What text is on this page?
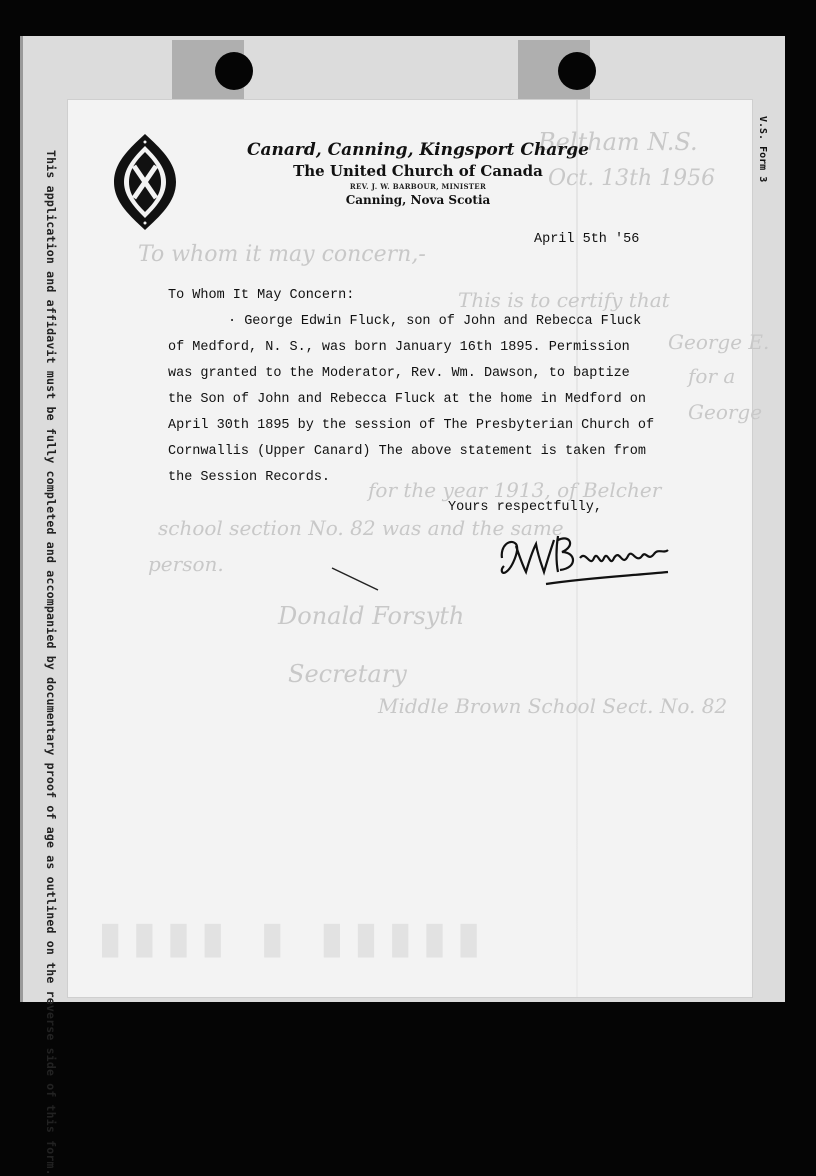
This application and affidavit must be fully completed and accompanied by documentary proof of age as outlined on the reverse side of this form.
V.S. Form 3
Beltham N.S.
Oct. 13th 1956
To whom it may concern,-
This is to certify that
George E.
for a
George
for the year 1913, of Belcher
school section No. 82 was and the same
person.
Donald Forsyth
Secretary
Middle Brown School Sect. No. 82
▮▮▮▮ ▮ ▮▮▮▮▮
Canard, Canning, Kingsport Charge
The United Church of Canada
REV. J. W. BARBOUR, MINISTER
Canning, Nova Scotia
April 5th '56
To Whom It May Concern:
· George Edwin Fluck, son of John and Rebecca Fluck
of Medford, N. S., was born January 16th 1895. Permission
was granted to the Moderator, Rev. Wm. Dawson, to baptize
the Son of John and Rebecca Fluck at the home in Medford on
April 30th 1895 by the session of The Presbyterian Church of
Cornwallis (Upper Canard) The above statement is taken from
the Session Records.
Yours respectfully,
